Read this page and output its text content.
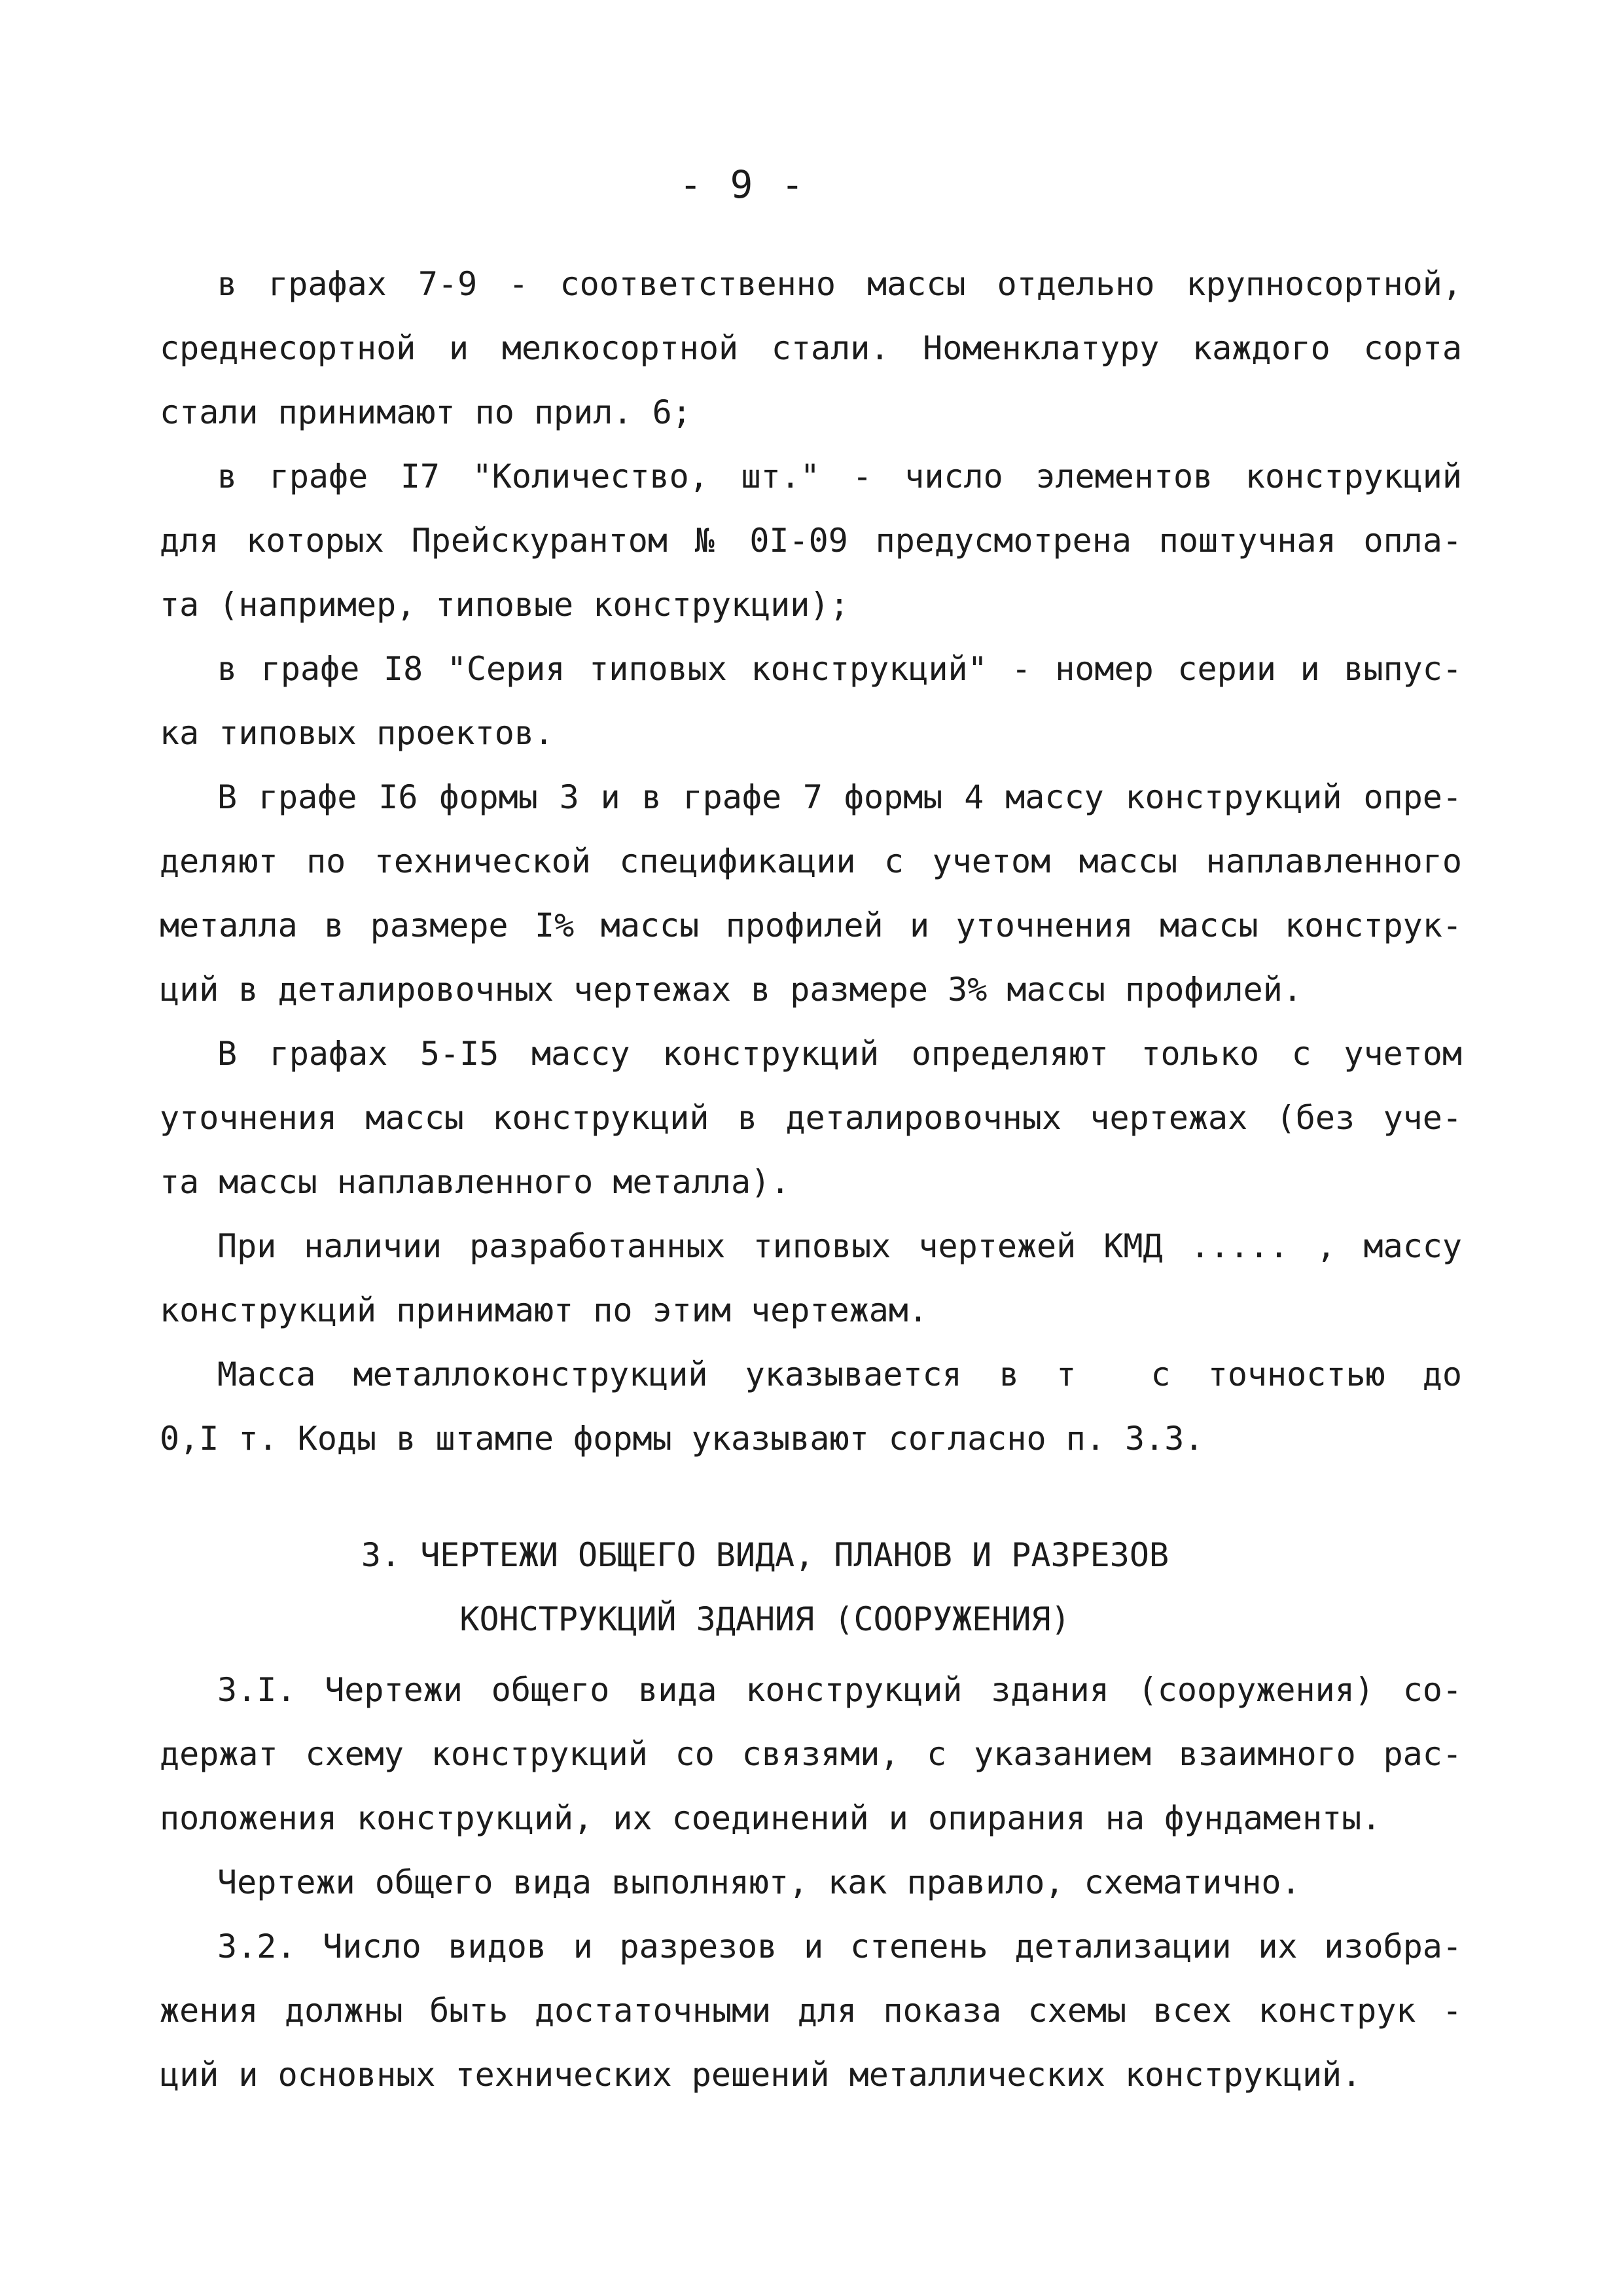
- 9 -
в графах 7-9 - соответственно массы отдельно крупносортной,
среднесортной и мелкосортной стали. Номенклатуру каждого сорта
стали принимают по прил. 6;
в графе I7 "Количество, шт." - число элементов конструкций
для которых Прейскурантом № 0I-09 предусмотрена поштучная опла-
та (например, типовые конструкции);
в графе I8 "Серия типовых конструкций" - номер серии и выпус-
ка типовых проектов.
В графе I6 формы 3 и в графе 7 формы 4 массу конструкций опре-
деляют по технической спецификации с учетом массы наплавленного
металла в размере I% массы профилей и уточнения массы конструк-
ций в деталировочных чертежах в размере 3% массы профилей.
В графах 5-I5 массу конструкций определяют только с учетом
уточнения массы конструкций в деталировочных чертежах (без уче-
та массы наплавленного металла).
При наличии разработанных типовых чертежей КМД ..... , массу
конструкций принимают по этим чертежам.
Масса металлоконструкций указывается в т  с точностью до
0,I т. Коды в штампе формы указывают согласно п. 3.3.
3. ЧЕРТЕЖИ ОБЩЕГО ВИДА, ПЛАНОВ И РАЗРЕЗОВ
КОНСТРУКЦИЙ ЗДАНИЯ (СООРУЖЕНИЯ)
3.I. Чертежи общего вида конструкций здания (сооружения) со-
держат схему конструкций со связями, с указанием взаимного рас-
положения конструкций, их соединений и опирания на фундаменты.
Чертежи общего вида выполняют, как правило, схематично.
3.2. Число видов и разрезов и степень детализации их изобра-
жения должны быть достаточными для показа схемы всех конструк -
ций и основных технических решений металлических конструкций.
